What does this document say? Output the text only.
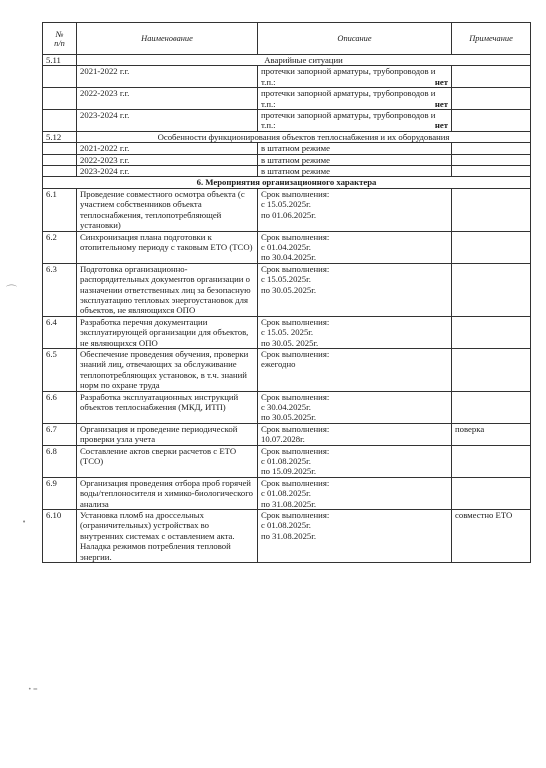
№
п/п	Наименование	Описание	Примечание
5.11	Аварийные ситуации		
	2021-2022 г.г.	протечки запорной арматуры, трубопроводов и т.п.: нет	

	2022-2023 г.г.	протечки запорной арматуры, трубопроводов и т.п.: нет	

	2023-2024 г.г.	протечки запорной арматуры, трубопроводов и т.п.: нет	

5.12	Особенности функционирования объектов теплоснабжения и их оборудования		
	2021-2022 г.г.	в штатном режиме	
	2022-2023 г.г.	в штатном режиме	
	2023-2024 г.г.	в штатном режиме	
6. Мероприятия организационного характера			
6.1	Проведение совместного осмотра объекта (с участием собственников объекта теплоснабжения, теплопотребляющей установки)	Срок выполнения:
с 15.05.2025г.
по 01.06.2025г.	
6.2	Синхронизация плана подготовки к отопительному периоду с таковым ЕТО (ТСО)	Срок выполнения:
с 01.04.2025г.
по 30.04.2025г.	
6.3	Подготовка организационно-распорядительных документов организации о назначении ответственных лиц за безопасную эксплуатацию тепловых энергоустановок для объектов, не являющихся ОПО	Срок выполнения:
с 15.05.2025г.
по 30.05.2025г.	
6.4	Разработка перечня документации эксплуатирующей организации для объектов, не являющихся ОПО	Срок выполнения:
с 15.05. 2025г.
по 30.05. 2025г.	
6.5	Обеспечение проведения обучения, проверки знаний лиц, отвечающих за обслуживание теплопотребляющих установок, в т.ч. знаний норм по охране труда	Срок выполнения:
ежегодно	
6.6	Разработка эксплуатационных инструкций объектов теплоснабжения (МКД, ИТП)	Срок выполнения:
с 30.04.2025г.
по 30.05.2025г.	
6.7	Организация и проведение периодической проверки узла учета	Срок выполнения:
10.07.2028г.	поверка
6.8	Составление актов сверки расчетов с ЕТО (ТСО)	Срок выполнения:
с 01.08.2025г.
по 15.09.2025г.	
6.9	Организация проведения отбора проб горячей воды/теплоносителя и химико-биологического анализа	Срок выполнения:
с 01.08.2025г.
по 31.08.2025г.	
6.10	Установка пломб на дроссельных (ограничительных) устройствах во внутренних системах с оставлением акта. Наладка режимов потребления тепловой энергии.	Срок выполнения:
с 01.08.2025г.
по 31.08.2025г.	совместно ЕТО
⌒
•
• ━
